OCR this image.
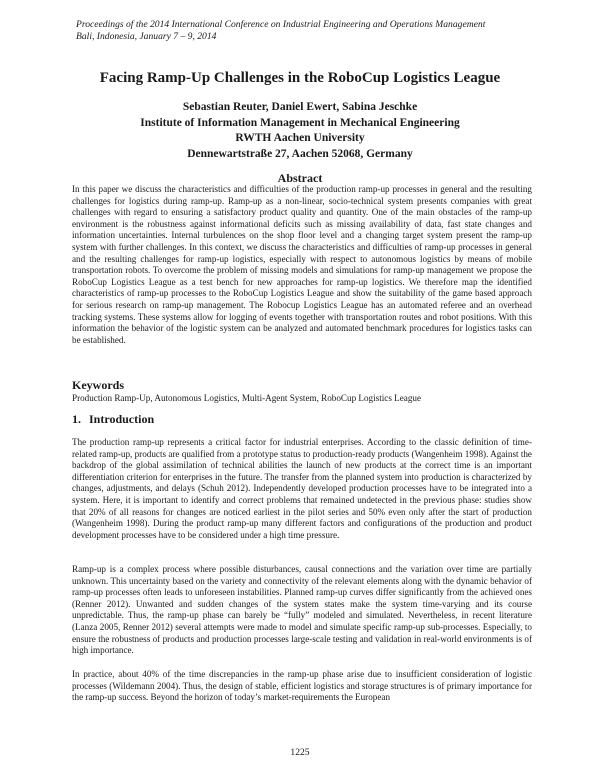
Proceedings of the 2014 International Conference on Industrial Engineering and Operations Management
Bali, Indonesia, January 7 – 9, 2014
Facing Ramp-Up Challenges in the RoboCup Logistics League
Sebastian Reuter, Daniel Ewert, Sabina Jeschke
Institute of Information Management in Mechanical Engineering
RWTH Aachen University
Dennewartstraße 27, Aachen 52068, Germany
Abstract
In this paper we discuss the characteristics and difficulties of the production ramp-up processes in general and the resulting challenges for logistics during ramp-up. Ramp-up as a non-linear, socio-technical system presents companies with great challenges with regard to ensuring a satisfactory product quality and quantity. One of the main obstacles of the ramp-up environment is the robustness against informational deficits such as missing availability of data, fast state changes and information uncertainties. Internal turbulences on the shop floor level and a changing target system present the ramp-up system with further challenges. In this context, we discuss the characteristics and difficulties of ramp-up processes in general and the resulting challenges for ramp-up logistics, especially with respect to autonomous logistics by means of mobile transportation robots. To overcome the problem of missing models and simulations for ramp-up management we propose the RoboCup Logistics League as a test bench for new approaches for ramp-up logistics. We therefore map the identified characteristics of ramp-up processes to the RoboCup Logistics League and show the suitability of the game based approach for serious research on ramp-up management. The Robocup Logistics League has an automated referee and an overhead tracking systems. These systems allow for logging of events together with transportation routes and robot positions. With this information the behavior of the logistic system can be analyzed and automated benchmark procedures for logistics tasks can be established.
Keywords
Production Ramp-Up, Autonomous Logistics, Multi-Agent System, RoboCup Logistics League
1. Introduction
The production ramp-up represents a critical factor for industrial enterprises. According to the classic definition of time-related ramp-up, products are qualified from a prototype status to production-ready products (Wangenheim 1998). Against the backdrop of the global assimilation of technical abilities the launch of new products at the correct time is an important differentiation criterion for enterprises in the future. The transfer from the planned system into production is characterized by changes, adjustments, and delays (Schuh 2012). Independently developed production processes have to be integrated into a system. Here, it is important to identify and correct problems that remained undetected in the previous phase: studies show that 20% of all reasons for changes are noticed earliest in the pilot series and 50% even only after the start of production (Wangenheim 1998). During the product ramp-up many different factors and configurations of the production and product development processes have to be considered under a high time pressure.
Ramp-up is a complex process where possible disturbances, causal connections and the variation over time are partially unknown. This uncertainty based on the variety and connectivity of the relevant elements along with the dynamic behavior of ramp-up processes often leads to unforeseen instabilities. Planned ramp-up curves differ significantly from the achieved ones (Renner 2012). Unwanted and sudden changes of the system states make the system time-varying and its course unpredictable. Thus, the ramp-up phase can barely be “fully” modeled and simulated. Nevertheless, in recent literature (Lanza 2005, Renner 2012) several attempts were made to model and simulate specific ramp-up sub-processes. Especially, to ensure the robustness of products and production processes large-scale testing and validation in real-world environments is of high importance.
In practice, about 40% of the time discrepancies in the ramp-up phase arise due to insufficient consideration of logistic processes (Wildemann 2004). Thus, the design of stable, efficient logistics and storage structures is of primary importance for the ramp-up success. Beyond the horizon of today’s market-requirements the European
1225
